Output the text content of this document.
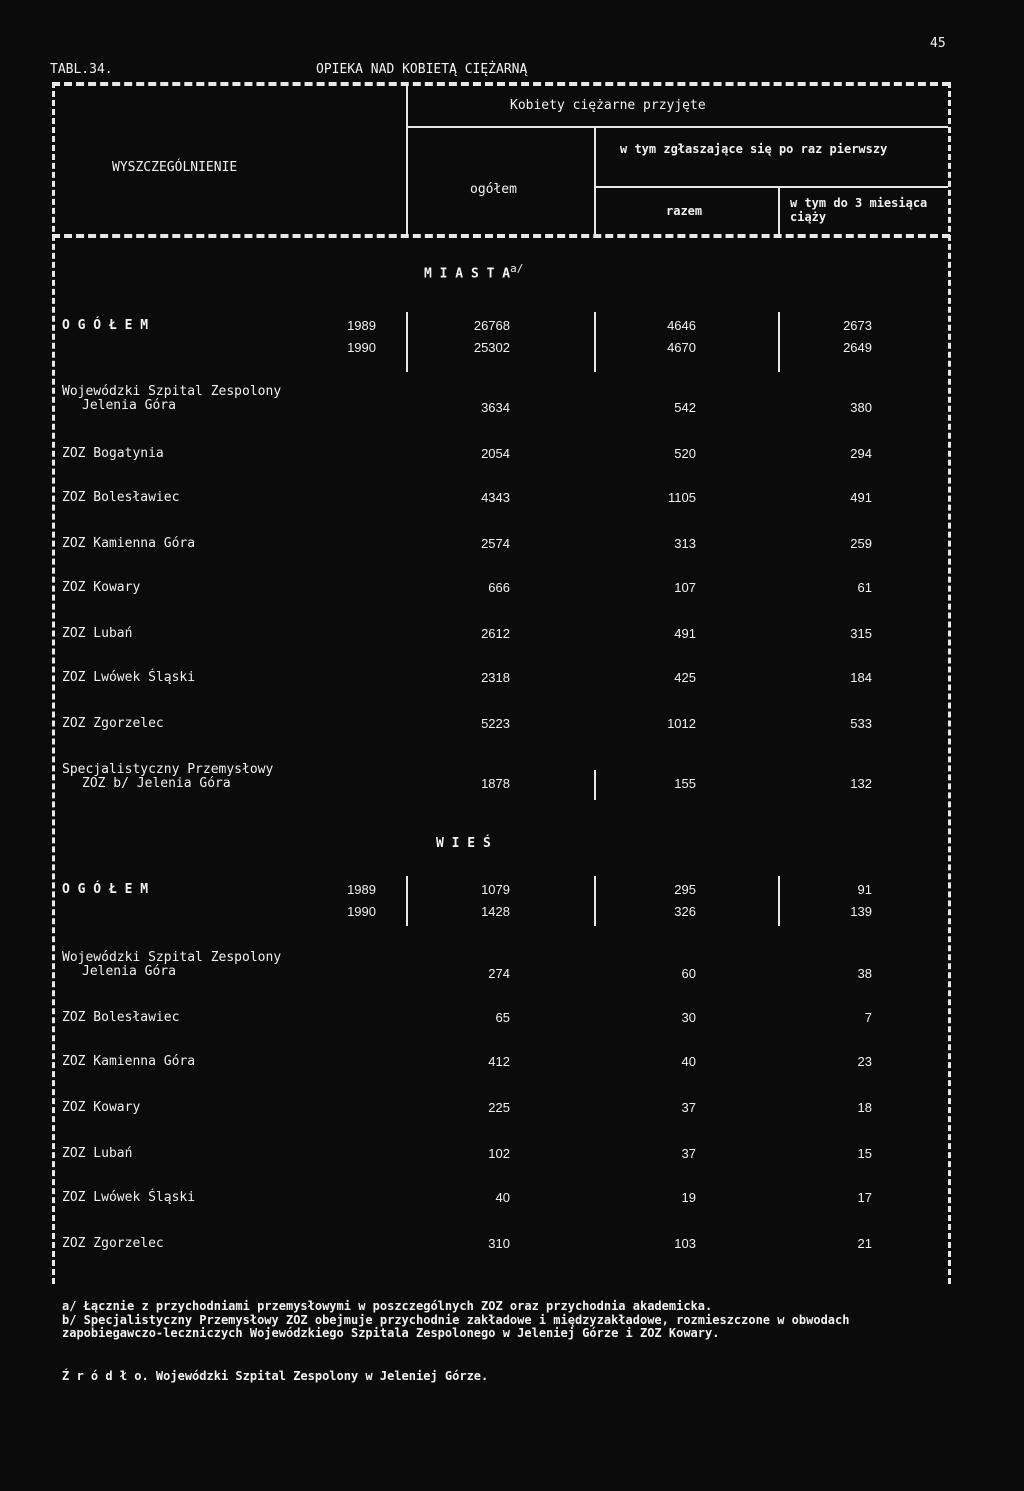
45
TABL.34.	OPIEKA NAD KOBIETĄ CIĘŻARNĄ
WYSZCZEGÓLNIENIE
Kobiety ciężarne przyjęte
ogółem
w tym zgłaszające się po raz pierwszy
razem
w tym do 3 miesiąca ciąży
M I A S T $A^{a/}$
O G Ó Ł E M	1989	26768	4646	2673
1990	25302	4670	2649
Wojewódzki Szpital Zespolony
Jelenia Góra	3634	542	380
ZOZ Bogatynia	2054	520	294
ZOZ Bolesławiec	4343	1105	491
ZOZ Kamienna Góra	2574	313	259
ZOZ Kowary	666	107	61
ZOZ Lubań	2612	491	315
ZOZ Lwówek Śląski	2318	425	184
ZOZ Zgorzelec	5223	1012	533
Specjalistyczny Przemysłowy
ZOZ b/ Jelenia Góra	1878	155	132
W I E Ś
O G Ó Ł E M	1989	1079	295	91
1990	1428	326	139
Wojewódzki Szpital Zespolony
Jelenia Góra	274	60	38
ZOZ Bolesławiec	65	30	7
ZOZ Kamienna Góra	412	40	23
ZOZ Kowary	225	37	18
ZOZ Lubań	102	37	15
ZOZ Lwówek Śląski	40	19	17
ZOZ Zgorzelec	310	103	21
a/ Łącznie z przychodniami przemysłowymi w poszczególnych ZOZ oraz przychodnia akademicka.
b/ Specjalistyczny Przemysłowy ZOZ obejmuje przychodnie zakładowe i międzyzakładowe, rozmieszczone w obwodach zapobiegawczo-leczniczych Wojewódzkiego Szpitala Zespolonego w Jeleniej Górze i ZOZ Kowary.
Ź r ó d ł o. Wojewódzki Szpital Zespolony w Jeleniej Górze.
